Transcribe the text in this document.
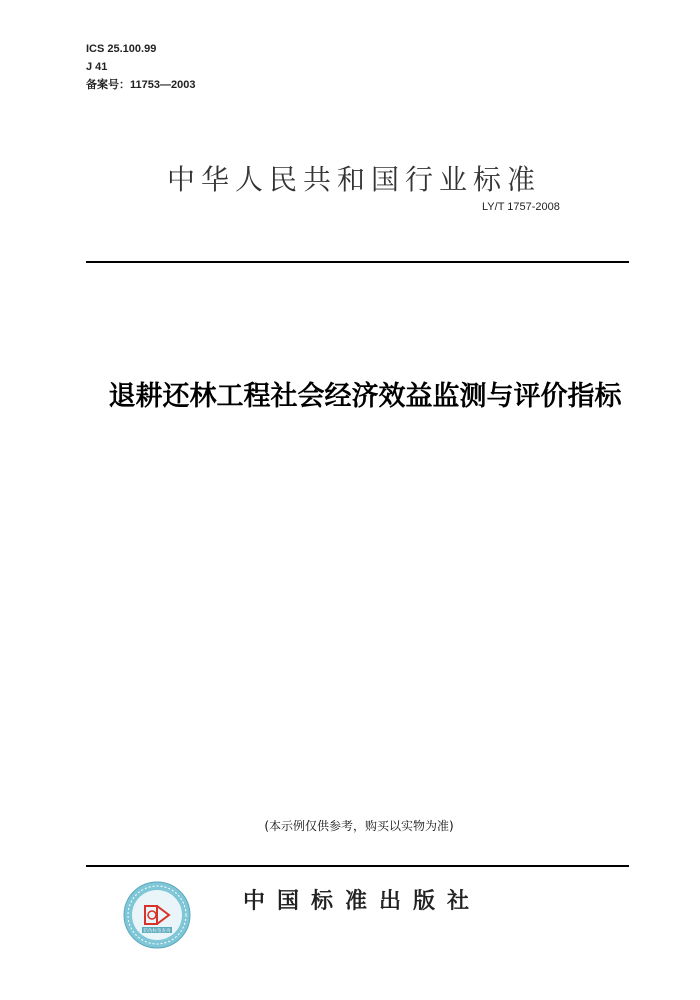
ICS 25.100.99
J 41
备案号：11753—2003
中华人民共和国行业标准
LY/T 1757-2008
退耕还林工程社会经济效益监测与评价指标
(本示例仅供参考，购买以实物为准)
防伪标签查询
中国标准出版社
